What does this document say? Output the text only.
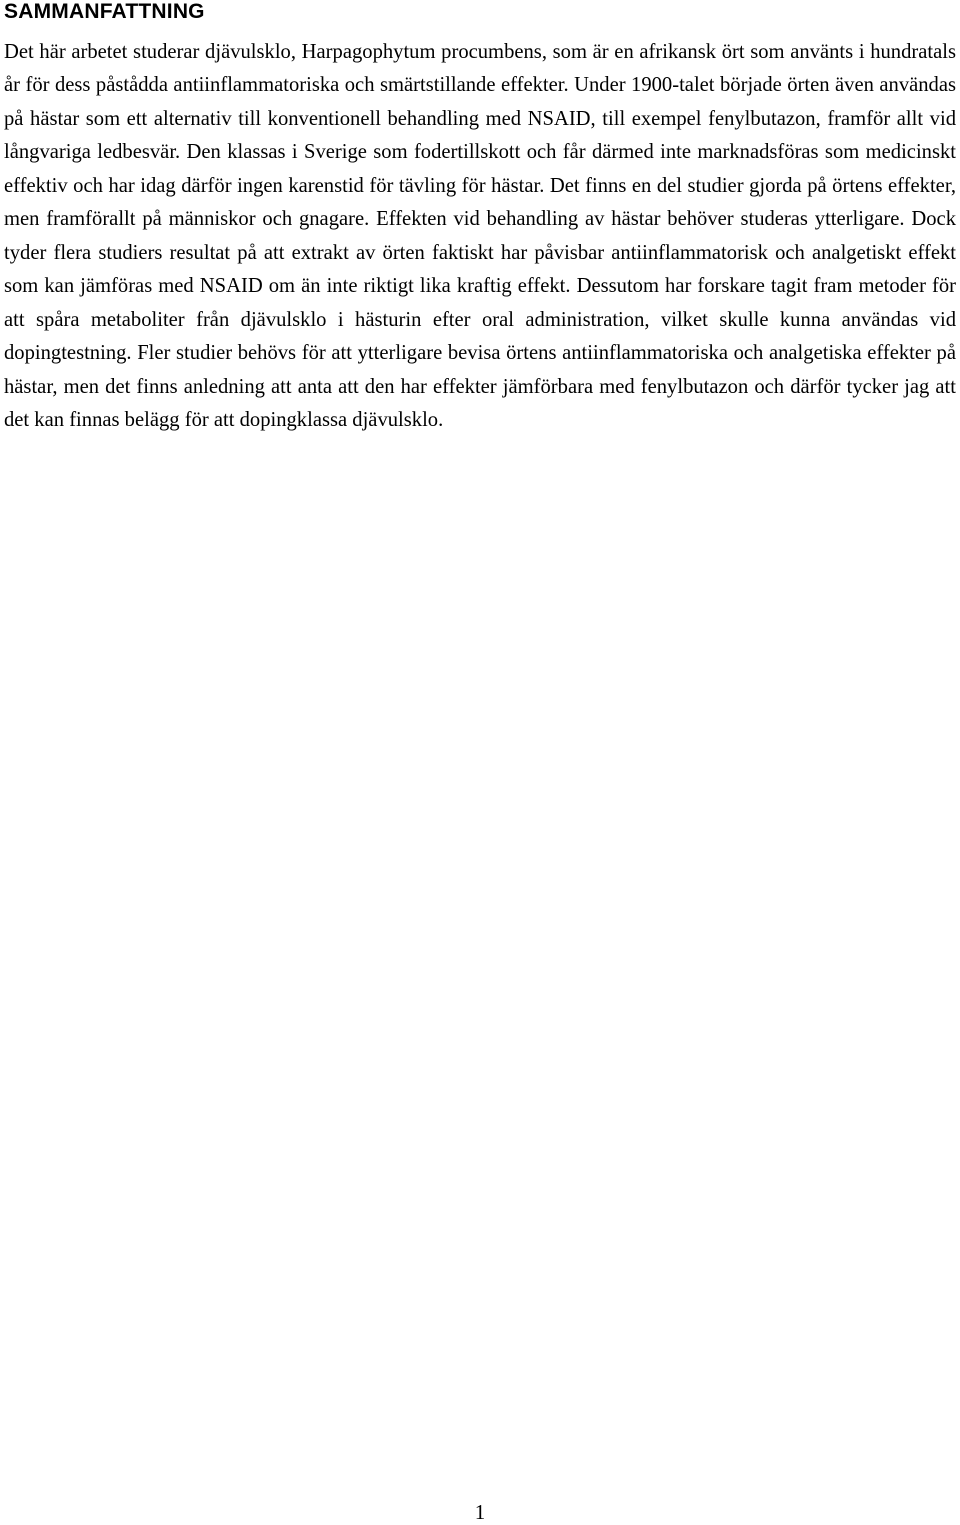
SAMMANFATTNING

Det här arbetet studerar djävulsklo, Harpagophytum procumbens, som är en afrikansk ört som använts i hundratals år för dess påstådda antiinflammatoriska och smärtstillande effekter. Under 1900-talet började örten även användas på hästar som ett alternativ till konventionell behandling med NSAID, till exempel fenylbutazon, framför allt vid långvariga ledbesvär. Den klassas i Sverige som fodertillskott och får därmed inte marknadsföras som medicinskt effektiv och har idag därför ingen karenstid för tävling för hästar. Det finns en del studier gjorda på örtens effekter, men framförallt på människor och gnagare. Effekten vid behandling av hästar behöver studeras ytterligare. Dock tyder flera studiers resultat på att extrakt av örten faktiskt har påvisbar antiinflammatorisk och analgetiskt effekt som kan jämföras med NSAID om än inte riktigt lika kraftig effekt. Dessutom har forskare tagit fram metoder för att spåra metaboliter från djävulsklo i hästurin efter oral administration, vilket skulle kunna användas vid dopingtestning. Fler studier behövs för att ytterligare bevisa örtens antiinflammatoriska och analgetiska effekter på hästar, men det finns anledning att anta att den har effekter jämförbara med fenylbutazon och därför tycker jag att det kan finnas belägg för att dopingklassa djävulsklo.

1
